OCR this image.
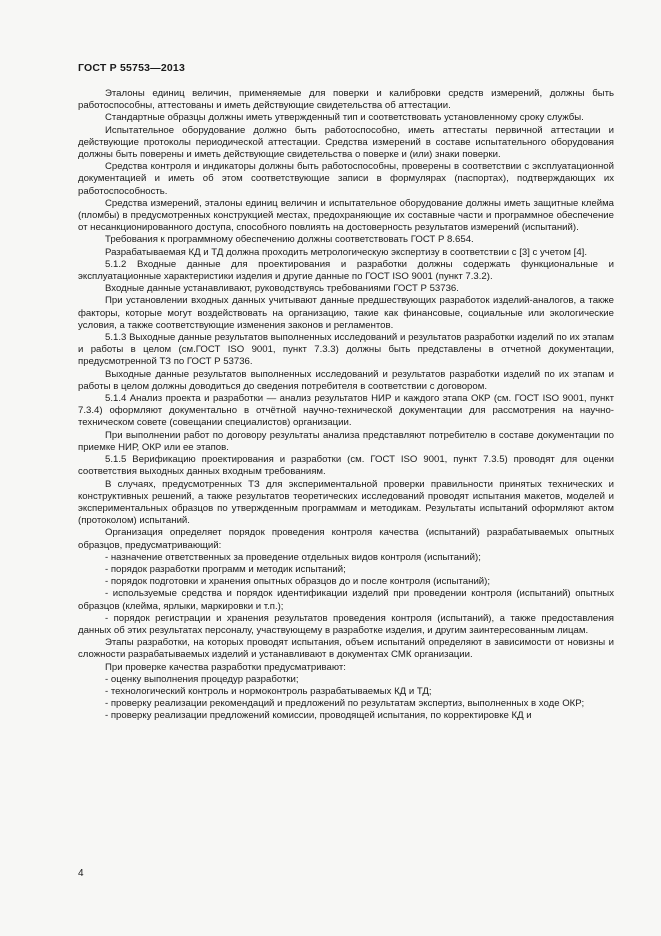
ГОСТ Р 55753—2013

Эталоны единиц величин, применяемые для поверки и калибровки средств измерений, должны быть работоспособны, аттестованы и иметь действующие свидетельства об аттестации.

Стандартные образцы должны иметь утвержденный тип и соответствовать установленному сроку службы.

Испытательное оборудование должно быть работоспособно, иметь аттестаты первичной аттестации и действующие протоколы периодической аттестации. Средства измерений в составе испытательного оборудования должны быть поверены и иметь действующие свидетельства о поверке и (или) знаки поверки.

Средства контроля и индикаторы должны быть работоспособны, проверены в соответствии с эксплуатационной документацией и иметь об этом соответствующие записи в формулярах (паспортах), подтверждающих их работоспособность.

Средства измерений, эталоны единиц величин и испытательное оборудование должны иметь защитные клейма (пломбы) в предусмотренных конструкцией местах, предохраняющие их составные части и программное обеспечение от несанкционированного доступа, способного повлиять на достоверность результатов измерений (испытаний).

Требования к программному обеспечению должны соответствовать ГОСТ Р 8.654.

Разрабатываемая КД и ТД должна проходить метрологическую экспертизу в соответствии с [3] с учетом [4].

5.1.2 Входные данные для проектирования и разработки должны содержать функциональные и эксплуатационные характеристики изделия и другие данные по ГОСТ ISO 9001 (пункт 7.3.2).

Входные данные устанавливают, руководствуясь требованиями ГОСТ Р 53736.

При установлении входных данных учитывают данные предшествующих разработок изделий-аналогов, а также факторы, которые могут воздействовать на организацию, такие как финансовые, социальные или экологические условия, а также соответствующие изменения законов и регламентов.

5.1.3 Выходные данные результатов выполненных исследований и результатов разработки изделий по их этапам и работы в целом (см.ГОСТ ISO 9001, пункт 7.3.3) должны быть представлены в отчетной документации, предусмотренной ТЗ по ГОСТ Р 53736.

Выходные данные результатов выполненных исследований и результатов разработки изделий по их этапам и работы в целом должны доводиться до сведения потребителя в соответствии с договором.

5.1.4 Анализ проекта и разработки — анализ результатов НИР и каждого этапа ОКР (см. ГОСТ ISO 9001, пункт 7.3.4) оформляют документально в отчётной научно-технической документации для рассмотрения на научно-техническом совете (совещании специалистов) организации.

При выполнении работ по договору результаты анализа представляют потребителю в составе документации по приемке НИР, ОКР или ее этапов.

5.1.5 Верификацию проектирования и разработки (см. ГОСТ ISO 9001, пункт 7.3.5) проводят для оценки соответствия выходных данных входным требованиям.

В случаях, предусмотренных ТЗ для экспериментальной проверки правильности принятых технических и конструктивных решений, а также результатов теоретических исследований проводят испытания макетов, моделей и экспериментальных образцов по утвержденным программам и методикам. Результаты испытаний оформляют актом (протоколом) испытаний.

Организация определяет порядок проведения контроля качества (испытаний) разрабатываемых опытных образцов, предусматривающий:

- назначение ответственных за проведение отдельных видов контроля (испытаний);

- порядок разработки программ и методик испытаний;

- порядок подготовки и хранения опытных образцов до и после контроля (испытаний);

- используемые средства и порядок идентификации изделий при проведении контроля (испытаний) опытных образцов (клейма, ярлыки, маркировки и т.п.);

- порядок регистрации и хранения результатов проведения контроля (испытаний), а также предоставления данных об этих результатах персоналу, участвующему в разработке изделия, и другим заинтересованным лицам.

Этапы разработки, на которых проводят испытания, объем испытаний определяют в зависимости от новизны и сложности разрабатываемых изделий и устанавливают в документах СМК организации.

При проверке качества разработки предусматривают:

- оценку выполнения процедур разработки;

- технологический контроль и нормоконтроль разрабатываемых КД и ТД;

- проверку реализации рекомендаций и предложений по результатам экспертиз, выполненных в ходе ОКР;

- проверку реализации предложений комиссии, проводящей испытания, по корректировке КД и

4
